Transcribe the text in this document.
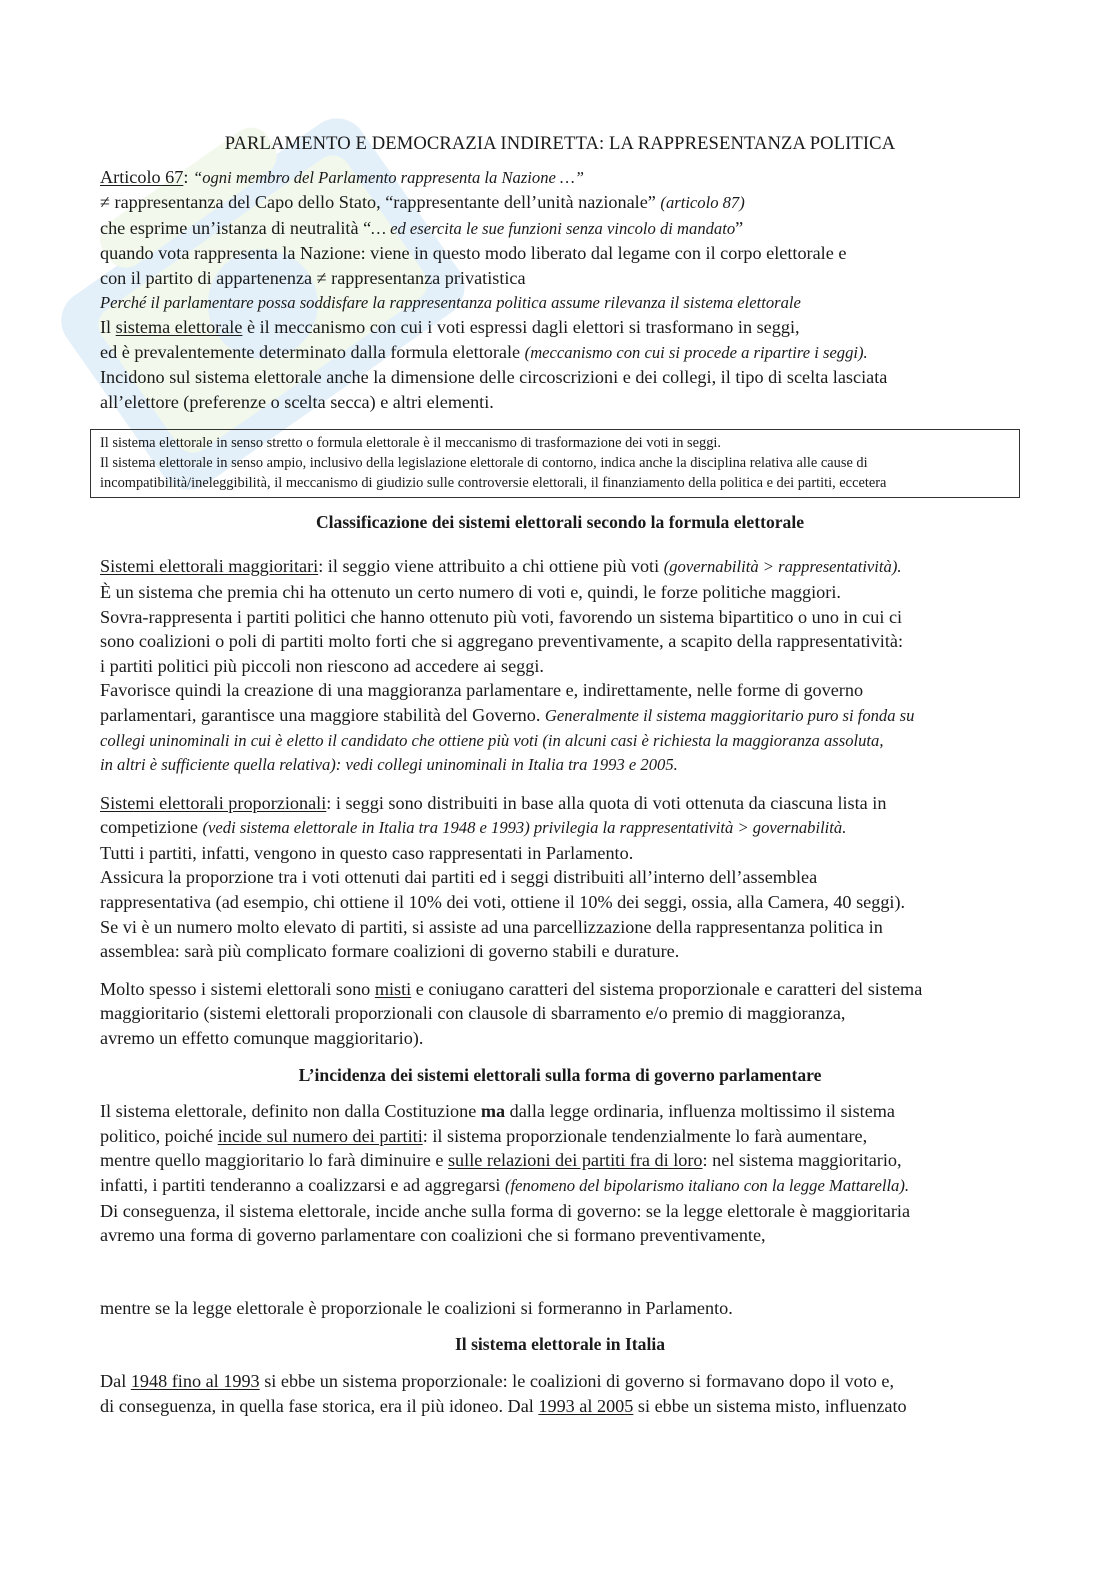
PARLAMENTO E DEMOCRAZIA INDIRETTA: LA RAPPRESENTANZA POLITICA
Articolo 67: “ogni membro del Parlamento rappresenta la Nazione …”
≠ rappresentanza del Capo dello Stato, “rappresentante dell’unità nazionale” (articolo 87)
che esprime un’istanza di neutralità “… ed esercita le sue funzioni senza vincolo di mandato”
quando vota rappresenta la Nazione: viene in questo modo liberato dal legame con il corpo elettorale e
con il partito di appartenenza ≠ rappresentanza privatistica
Perché il parlamentare possa soddisfare la rappresentanza politica assume rilevanza il sistema elettorale
Il sistema elettorale è il meccanismo con cui i voti espressi dagli elettori si trasformano in seggi,
ed è prevalentemente determinato dalla formula elettorale (meccanismo con cui si procede a ripartire i seggi).
Incidono sul sistema elettorale anche la dimensione delle circoscrizioni e dei collegi, il tipo di scelta lasciata
all’elettore (preferenze o scelta secca) e altri elementi.
Il sistema elettorale in senso stretto o formula elettorale è il meccanismo di trasformazione dei voti in seggi.
Il sistema elettorale in senso ampio, inclusivo della legislazione elettorale di contorno, indica anche la disciplina relativa alle cause di
incompatibilità/ineleggibilità, il meccanismo di giudizio sulle controversie elettorali, il finanziamento della politica e dei partiti, eccetera
Classificazione dei sistemi elettorali secondo la formula elettorale
Sistemi elettorali maggioritari: il seggio viene attribuito a chi ottiene più voti (governabilità > rappresentatività).
È un sistema che premia chi ha ottenuto un certo numero di voti e, quindi, le forze politiche maggiori.
Sovra-rappresenta i partiti politici che hanno ottenuto più voti, favorendo un sistema bipartitico o uno in cui ci
sono coalizioni o poli di partiti molto forti che si aggregano preventivamente, a scapito della rappresentatività:
i partiti politici più piccoli non riescono ad accedere ai seggi.
Favorisce quindi la creazione di una maggioranza parlamentare e, indirettamente, nelle forme di governo
parlamentari, garantisce una maggiore stabilità del Governo. Generalmente il sistema maggioritario puro si fonda su
collegi uninominali in cui è eletto il candidato che ottiene più voti (in alcuni casi è richiesta la maggioranza assoluta,
in altri è sufficiente quella relativa): vedi collegi uninominali in Italia tra 1993 e 2005.
Sistemi elettorali proporzionali: i seggi sono distribuiti in base alla quota di voti ottenuta da ciascuna lista in
competizione (vedi sistema elettorale in Italia tra 1948 e 1993) privilegia la rappresentatività > governabilità.
Tutti i partiti, infatti, vengono in questo caso rappresentati in Parlamento.
Assicura la proporzione tra i voti ottenuti dai partiti ed i seggi distribuiti all’interno dell’assemblea
rappresentativa (ad esempio, chi ottiene il 10% dei voti, ottiene il 10% dei seggi, ossia, alla Camera, 40 seggi).
Se vi è un numero molto elevato di partiti, si assiste ad una parcellizzazione della rappresentanza politica in
assemblea: sarà più complicato formare coalizioni di governo stabili e durature.
Molto spesso i sistemi elettorali sono misti e coniugano caratteri del sistema proporzionale e caratteri del sistema
maggioritario (sistemi elettorali proporzionali con clausole di sbarramento e/o premio di maggioranza,
avremo un effetto comunque maggioritario).
L’incidenza dei sistemi elettorali sulla forma di governo parlamentare
Il sistema elettorale, definito non dalla Costituzione ma dalla legge ordinaria, influenza moltissimo il sistema
politico, poiché incide sul numero dei partiti: il sistema proporzionale tendenzialmente lo farà aumentare,
mentre quello maggioritario lo farà diminuire e sulle relazioni dei partiti fra di loro: nel sistema maggioritario,
infatti, i partiti tenderanno a coalizzarsi e ad aggregarsi (fenomeno del bipolarismo italiano con la legge Mattarella).
Di conseguenza, il sistema elettorale, incide anche sulla forma di governo: se la legge elettorale è maggioritaria
avremo una forma di governo parlamentare con coalizioni che si formano preventivamente,
mentre se la legge elettorale è proporzionale le coalizioni si formeranno in Parlamento.
Il sistema elettorale in Italia
Dal 1948 fino al 1993 si ebbe un sistema proporzionale: le coalizioni di governo si formavano dopo il voto e,
di conseguenza, in quella fase storica, era il più idoneo. Dal 1993 al 2005 si ebbe un sistema misto, influenzato
